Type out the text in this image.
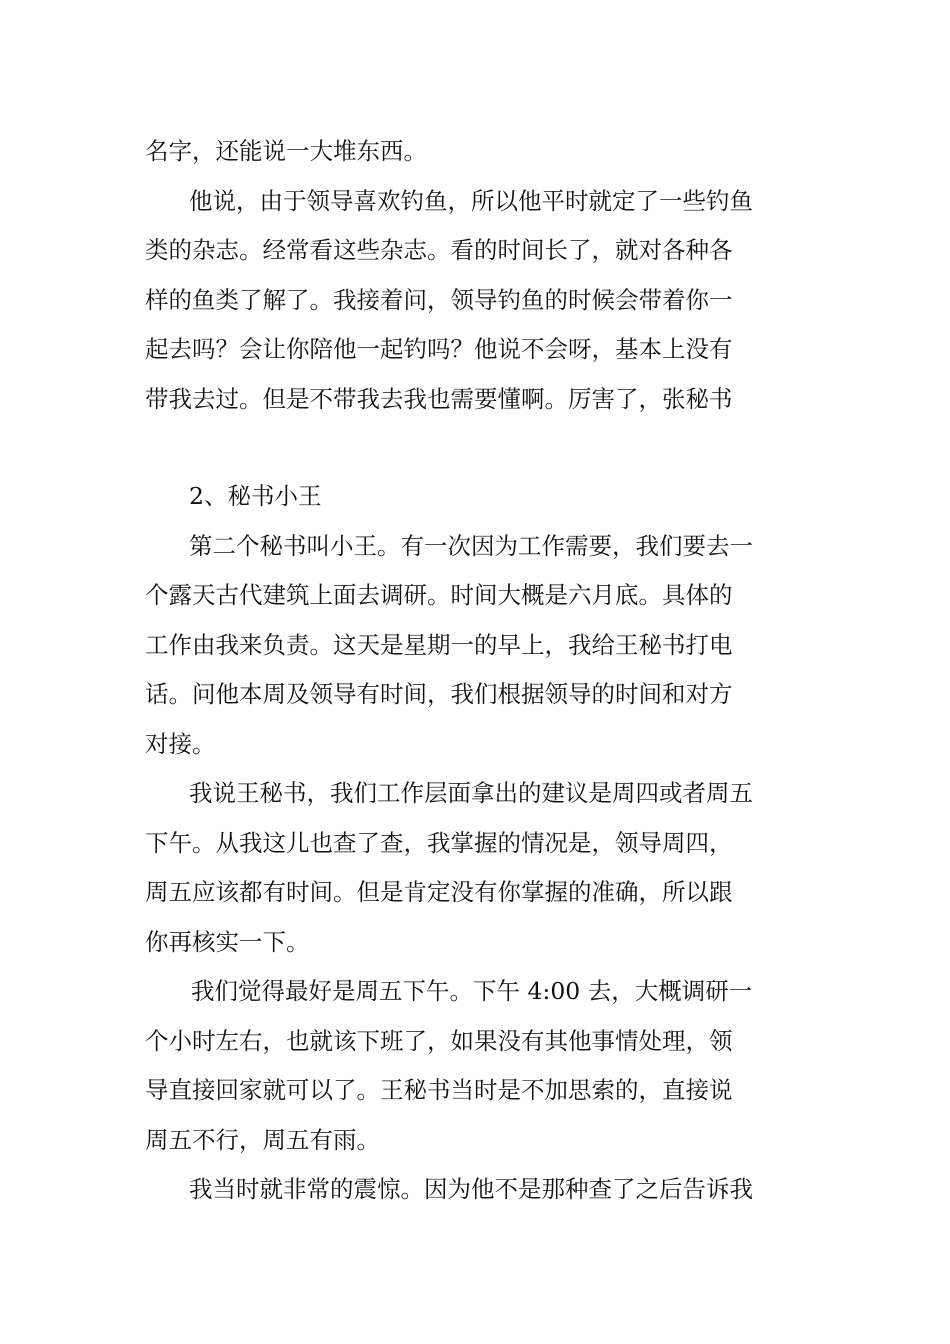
名字，还能说一大堆东西。
他说，由于领导喜欢钓鱼，所以他平时就定了一些钓鱼
类的杂志。经常看这些杂志。看的时间长了，就对各种各
样的鱼类了解了。我接着问，领导钓鱼的时候会带着你一
起去吗？会让你陪他一起钓吗？他说不会呀，基本上没有
带我去过。但是不带我去我也需要懂啊。厉害了，张秘书
2、秘书小王
第二个秘书叫小王。有一次因为工作需要，我们要去一
个露天古代建筑上面去调研。时间大概是六月底。具体的
工作由我来负责。这天是星期一的早上，我给王秘书打电
话。问他本周及领导有时间，我们根据领导的时间和对方
对接。
我说王秘书，我们工作层面拿出的建议是周四或者周五
下午。从我这儿也查了查，我掌握的情况是，领导周四，
周五应该都有时间。但是肯定没有你掌握的准确，所以跟
你再核实一下。
我们觉得最好是周五下午。下午 4:00 去，大概调研一
个小时左右，也就该下班了，如果没有其他事情处理，领
导直接回家就可以了。王秘书当时是不加思索的，直接说
周五不行，周五有雨。
我当时就非常的震惊。因为他不是那种查了之后告诉我
